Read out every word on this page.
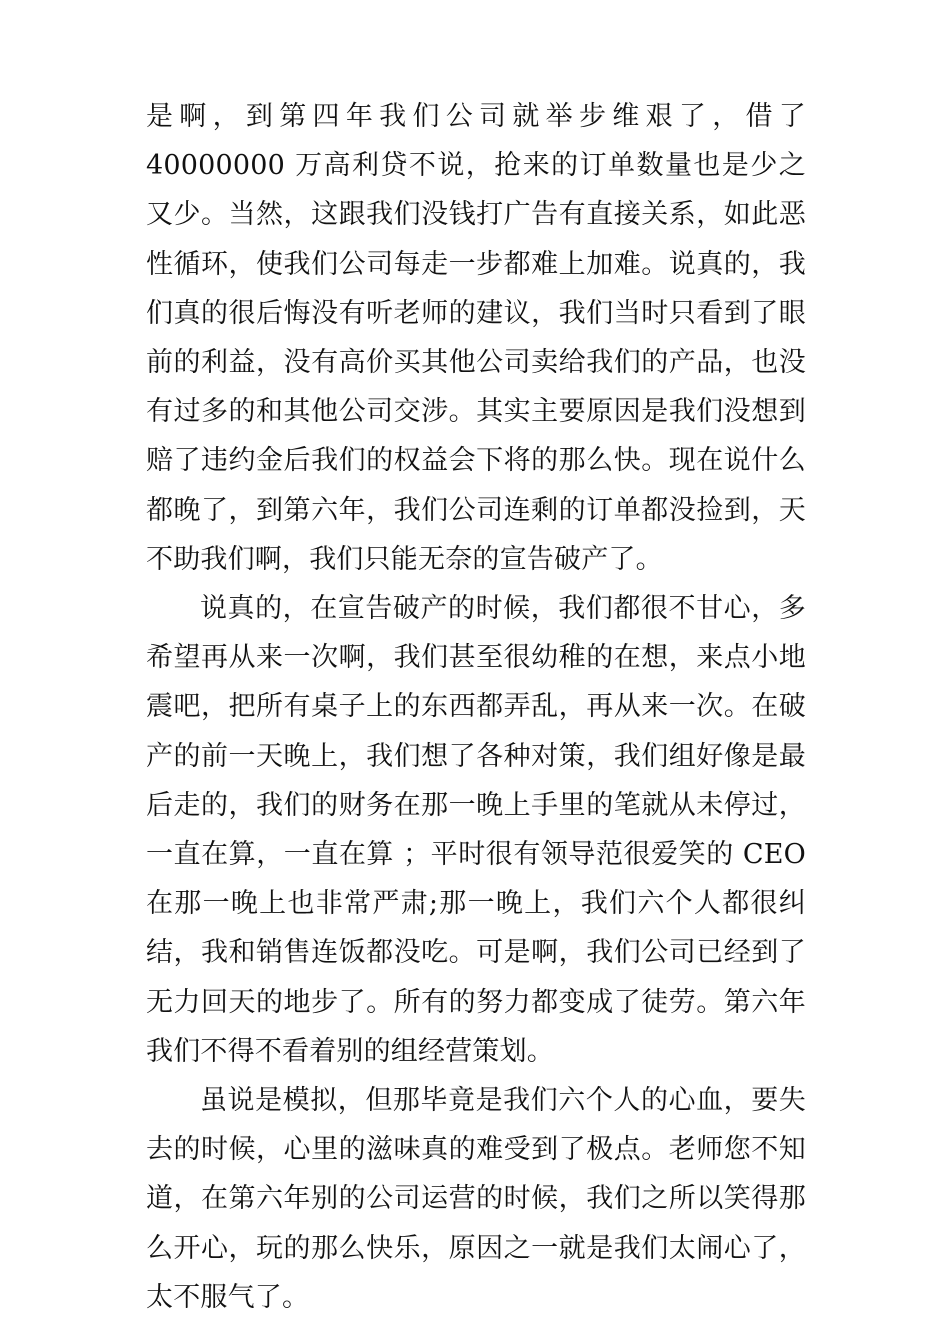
是啊，到第四年我们公司就举步维艰了，借了 40000000 万高利贷不说，抢来的订单数量也是少之又少。当然，这跟我们没钱打广告有直接关系，如此恶性循环，使我们公司每走一步都难上加难。说真的，我们真的很后悔没有听老师的建议，我们当时只看到了眼前的利益，没有高价买其他公司卖给我们的产品，也没有过多的和其他公司交涉。其实主要原因是我们没想到赔了违约金后我们的权益会下将的那么快。现在说什么都晚了，到第六年，我们公司连剩的订单都没捡到，天不助我们啊，我们只能无奈的宣告破产了。

说真的，在宣告破产的时候，我们都很不甘心，多希望再从来一次啊，我们甚至很幼稚的在想，来点小地震吧，把所有桌子上的东西都弄乱，再从来一次。在破产的前一天晚上，我们想了各种对策，我们组好像是最后走的，我们的财务在那一晚上手里的笔就从未停过，一直在算，一直在算 ；平时很有领导范很爱笑的 CEO 在那一晚上也非常严肃;那一晚上，我们六个人都很纠结，我和销售连饭都没吃。可是啊，我们公司已经到了无力回天的地步了。所有的努力都变成了徒劳。第六年我们不得不看着别的组经营策划。

虽说是模拟，但那毕竟是我们六个人的心血，要失去的时候，心里的滋味真的难受到了极点。老师您不知道，在第六年别的公司运营的时候，我们之所以笑得那么开心，玩的那么快乐，原因之一就是我们太闹心了，太不服气了。
